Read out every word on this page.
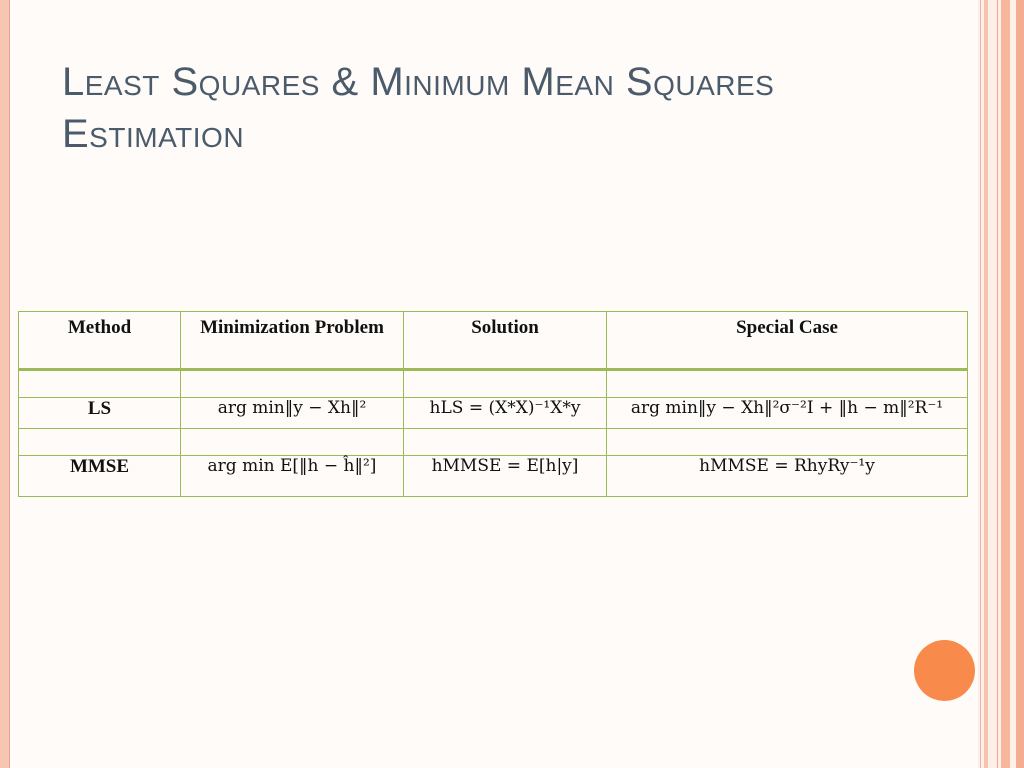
Least Squares & Minimum Mean Squares
Estimation
Method	Minimization Problem	Solution	Special Case

LS	arg min‖y − Xh‖²	hLS = (X*X)⁻¹X*y	arg min‖y − Xh‖²σ⁻²I + ‖h − m‖²R⁻¹

MMSE	arg min E[‖h − ĥ‖²]	hMMSE = E[h|y]	hMMSE = RhyRy⁻¹y
